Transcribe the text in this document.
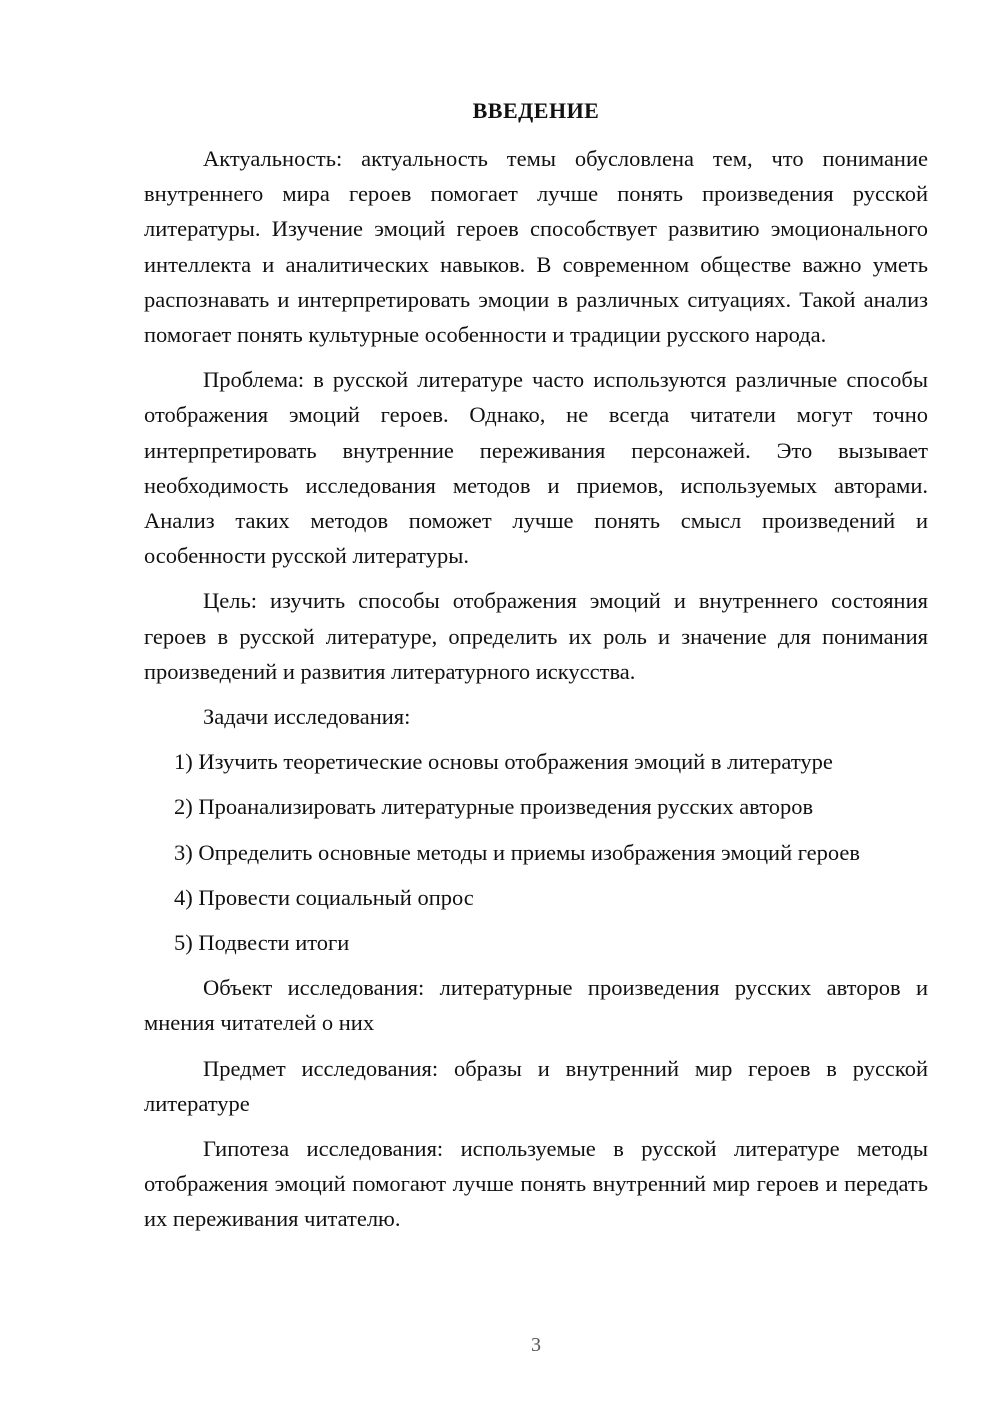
ВВЕДЕНИЕ

Актуальность: актуальность темы обусловлена тем, что понимание внутреннего мира героев помогает лучше понять произведения русской литературы. Изучение эмоций героев способствует развитию эмоционального интеллекта и аналитических навыков. В современном обществе важно уметь распознавать и интерпретировать эмоции в различных ситуациях. Такой анализ помогает понять культурные особенности и традиции русского народа.

Проблема: в русской литературе часто используются различные способы отображения эмоций героев. Однако, не всегда читатели могут точно интерпретировать внутренние переживания персонажей. Это вызывает необходимость исследования методов и приемов, используемых авторами. Анализ таких методов поможет лучше понять смысл произведений и особенности русской литературы.

Цель: изучить способы отображения эмоций и внутреннего состояния героев в русской литературе, определить их роль и значение для понимания произведений и развития литературного искусства.

Задачи исследования:

1) Изучить теоретические основы отображения эмоций в литературе

2) Проанализировать литературные произведения русских авторов

3) Определить основные методы и приемы изображения эмоций героев

4) Провести социальный опрос

5) Подвести итоги

Объект исследования: литературные произведения русских авторов и мнения читателей о них

Предмет исследования: образы и внутренний мир героев в русской литературе

Гипотеза исследования: используемые в русской литературе методы отображения эмоций помогают лучше понять внутренний мир героев и передать их переживания читателю.

3
